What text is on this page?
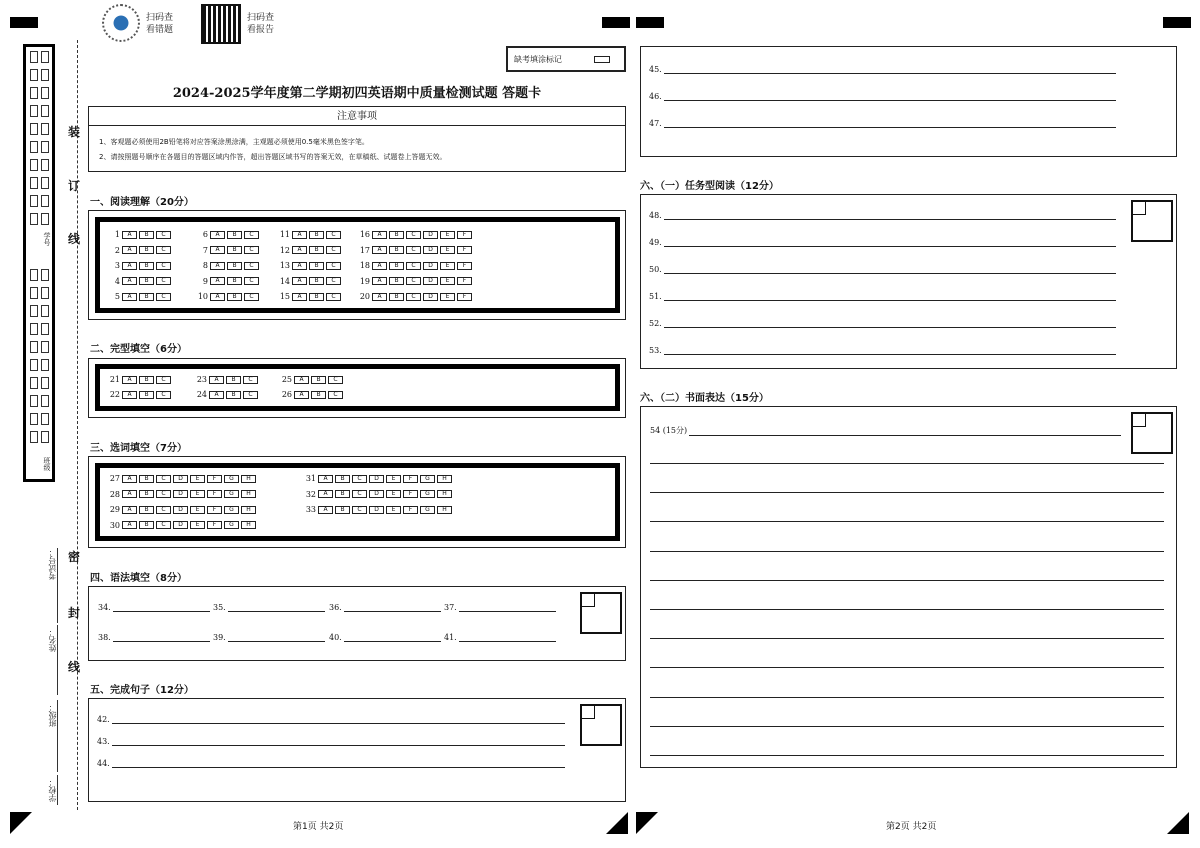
扫码查
看错题
扫码查
看报告
缺考填涂标记
2024-2025学年度第二学期初四英语期中质量检测试题 答题卡
注意事项
1、客观题必须使用2B铅笔将对应答案涂黑涂满，主观题必须使用0.5毫米黑色签字笔。
2、请按照题号顺序在各题目的答题区域内作答，超出答题区域书写的答案无效，在草稿纸、试题卷上答题无效。
学号
班级
装
订
线
密
封
线
考试号：
姓名：
班级：
学校：
一、阅读理解（20分）
1	A	B	C	6	A	B	C	11	A	B	C	16	A	B	C	D	E	F
2	A	B	C	7	A	B	C	12	A	B	C	17	A	B	C	D	E	F
3	A	B	C	8	A	B	C	13	A	B	C	18	A	B	C	D	E	F
4	A	B	C	9	A	B	C	14	A	B	C	19	A	B	C	D	E	F
5	A	B	C	10	A	B	C	15	A	B	C	20	A	B	C	D	E	F
二、完型填空（6分）
21	A	B	C	23	A	B	C	25	A	B	C
22	A	B	C	24	A	B	C	26	A	B	C
三、选词填空（7分）
27	A	B	C	D	E	F	G	H	31	A	B	C	D	E	F	G	H
28	A	B	C	D	E	F	G	H	32	A	B	C	D	E	F	G	H
29	A	B	C	D	E	F	G	H	33	A	B	C	D	E	F	G	H
30	A	B	C	D	E	F	G	H
四、语法填空（8分）
34.	35.	36.	37.
38.	39.	40.	41.
五、完成句子（12分）
42.
43.
44.
第1页 共2页
45.
46.
47.
六、（一）任务型阅读（12分）
48.
49.
50.
51.
52.
53.
六、（二）书面表达（15分）
54 (15分)
第2页 共2页
